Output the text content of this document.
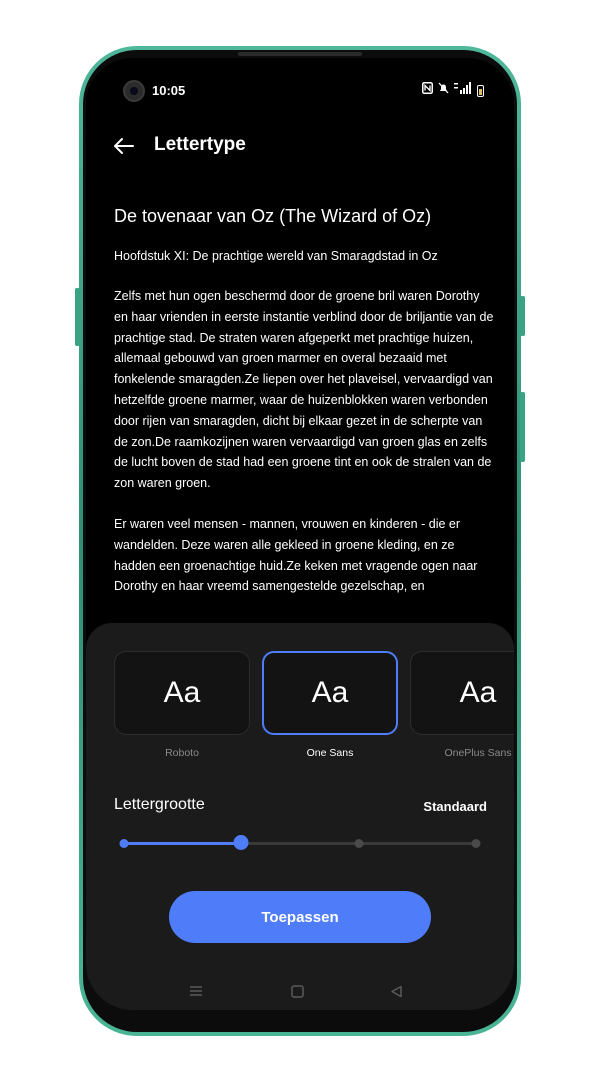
10:05
Lettertype
De tovenaar van Oz (The Wizard of Oz)
Hoofdstuk XI: De prachtige wereld van Smaragdstad in Oz
Zelfs met hun ogen beschermd door de groene bril waren Dorothy en haar vrienden in eerste instantie verblind door de briljantie van de prachtige stad. De straten waren afgeperkt met prachtige huizen, allemaal gebouwd van groen marmer en overal bezaaid met fonkelende smaragden.Ze liepen over het plaveisel, vervaardigd van hetzelfde groene marmer, waar de huizenblokken waren verbonden door rijen van smaragden, dicht bij elkaar gezet in de scherpte van de zon.De raamkozijnen waren vervaardigd van groen glas en zelfs de lucht boven de stad had een groene tint en ook de stralen van de zon waren groen.
Er waren veel mensen - mannen, vrouwen en kinderen - die er wandelden. Deze waren alle gekleed in groene kleding, en ze hadden een groenachtige huid.Ze keken met vragende ogen naar Dorothy en haar vreemd samengestelde gezelschap, en
Aa
Roboto
Aa
One Sans
Aa
OnePlus Sans
Lettergrootte	Standaard
Toepassen
